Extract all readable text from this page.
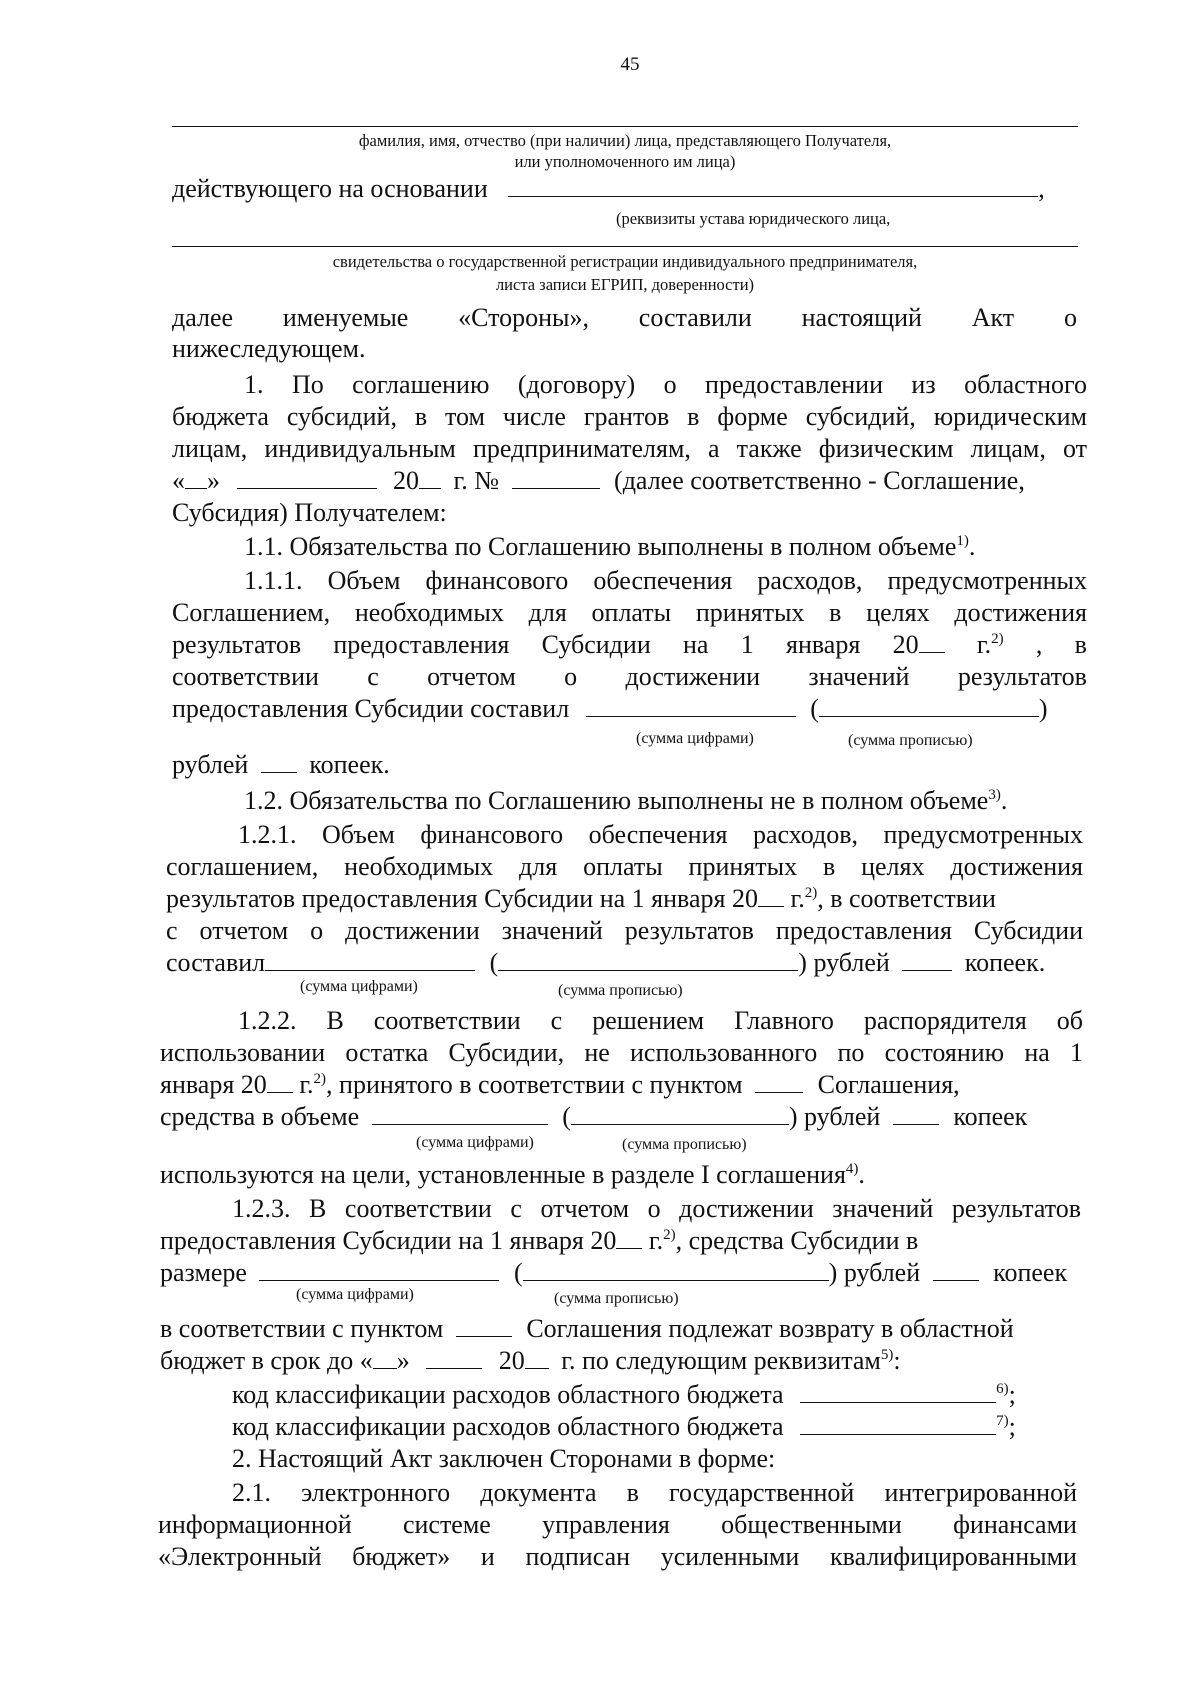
45
фамилия, имя, отчество (при наличии) лица, представляющего Получателя,
или уполномоченного им лица)
действующего на основании	,
(реквизиты устава юридического лица,
свидетельства о государственной регистрации индивидуального предпринимателя,
листа записи ЕГРИП, доверенности)
далее именуемые «Стороны», составили настоящий Акт о
нижеследующем.
1. По соглашению (договору) о предоставлении из областного
бюджета субсидий, в том числе грантов в форме субсидий, юридическим
лицам, индивидуальным предпринимателям, а также физическим лицам, от
« »	20 г. №	(далее соответственно - Соглашение,
Субсидия) Получателем:
1.1. Обязательства по Соглашению выполнены в полном объеме$^{1)}$.
1.1.1. Объем финансового обеспечения расходов, предусмотренных
Соглашением, необходимых для оплаты принятых в целях достижения
результатов предоставления Субсидии на 1 января 20	г.$^{2)}$ , в
соответствии с отчетом о достижении значений результатов
предоставления Субсидии составил	(	)
(сумма цифрами)	(сумма прописью)
рублей копеек.
1.2. Обязательства по Соглашению выполнены не в полном объеме$^{3)}$.
1.2.1. Объем финансового обеспечения расходов, предусмотренных
соглашением, необходимых для оплаты принятых в целях достижения
результатов предоставления Субсидии на 1 января 20 г.$^{2)}$, в соответствии
с отчетом о достижении значений результатов предоставления Субсидии
составил	(	) рублей	копеек.
(сумма цифрами)	(сумма прописью)
1.2.2. В соответствии с решением Главного распорядителя об
использовании остатка Субсидии, не использованного по состоянию на 1
января 20 г.$^{2)}$, принятого в соответствии с пунктом	Соглашения,
средства в объеме	(	) рублей	копеек
(сумма цифрами)	(сумма прописью)
используются на цели, установленные в разделе I соглашения$^{4)}$.
1.2.3. В соответствии с отчетом о достижении значений результатов
предоставления Субсидии на 1 января 20 г.$^{2)}$, средства Субсидии в
размере	(	) рублей	копеек
(сумма цифрами)	(сумма прописью)
в соответствии с пунктом	Соглашения подлежат возврату в областной
бюджет в срок до « »	20 г. по следующим реквизитам$^{5)}$:
код классификации расходов областного бюджета	$^{6)}$;
код классификации расходов областного бюджета	$^{7)}$;
2. Настоящий Акт заключен Сторонами в форме:
2.1. электронного документа в государственной интегрированной
информационной системе управления общественными финансами
«Электронный бюджет» и подписан усиленными квалифицированными
